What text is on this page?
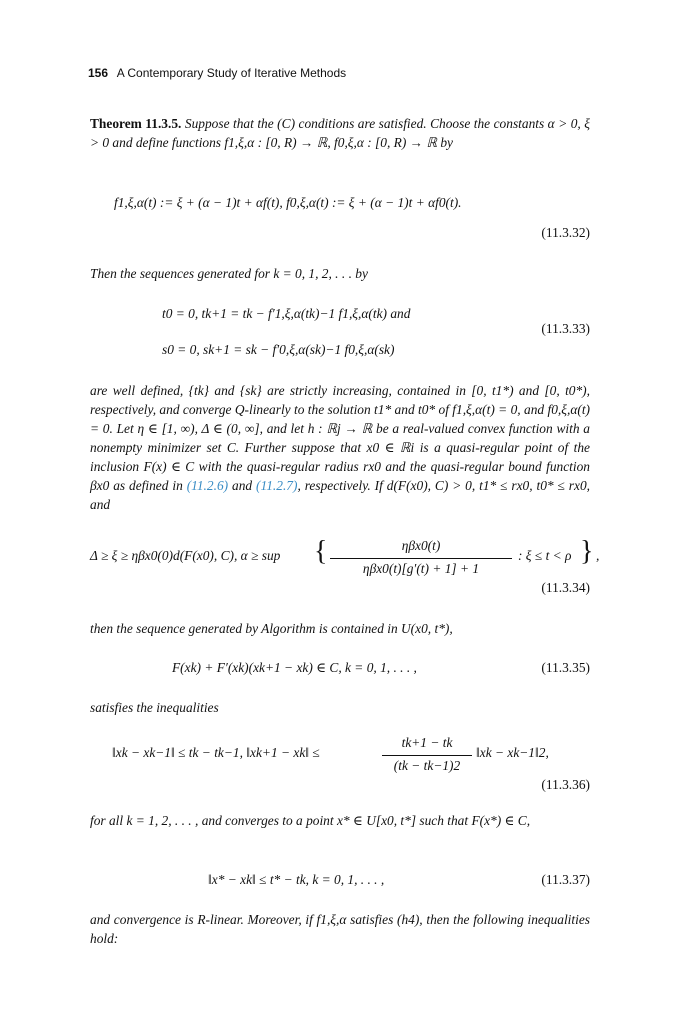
156 A Contemporary Study of Iterative Methods
Theorem 11.3.5. Suppose that the (C) conditions are satisfied. Choose the constants α > 0, ξ > 0 and define functions f1,ξ,α : [0, R) → ℝ, f0,ξ,α : [0, R) → ℝ by
f1,ξ,α(t) := ξ + (α − 1)t + αf(t), f0,ξ,α(t) := ξ + (α − 1)t + αf0(t).
(11.3.32)
Then the sequences generated for k = 0, 1, 2, . . . by
t0 = 0, tk+1 = tk − f′1,ξ,α(tk)−1 f1,ξ,α(tk) and
s0 = 0, sk+1 = sk − f′0,ξ,α(sk)−1 f0,ξ,α(sk)
(11.3.33)
are well defined, {tk} and {sk} are strictly increasing, contained in [0, t1*) and [0, t0*), respectively, and converge Q-linearly to the solution t1* and t0* of f1,ξ,α(t) = 0, and f0,ξ,α(t) = 0. Let η ∈ [1, ∞), Δ ∈ (0, ∞], and let h : ℝj → ℝ be a real-valued convex function with a nonempty minimizer set C. Further suppose that x0 ∈ ℝi is a quasi-regular point of the inclusion F(x) ∈ C with the quasi-regular radius rx0 and the quasi-regular bound function βx0 as defined in (11.2.6) and (11.2.7), respectively. If d(F(x0), C) > 0, t1* ≤ rx0, t0* ≤ rx0, and
Δ ≥ ξ ≥ ηβx0(0)d(F(x0), C), α ≥ sup {	ηβx0(t)
ηβx0(t)[g′(t) + 1] + 1
: ξ ≤ t < ρ } ,
(11.3.34)
then the sequence generated by Algorithm is contained in U(x0, t*),
F(xk) + F′(xk)(xk+1 − xk) ∈ C, k = 0, 1, . . . ,	(11.3.35)
satisfies the inequalities
‖xk − xk−1‖ ≤ tk − tk−1, ‖xk+1 − xk‖ ≤
tk+1 − tk
(tk − tk−1)2
‖xk − xk−1‖2,
(11.3.36)
for all k = 1, 2, . . . , and converges to a point x* ∈ U[x0, t*] such that F(x*) ∈ C,
‖x* − xk‖ ≤ t* − tk, k = 0, 1, . . . ,	(11.3.37)
and convergence is R-linear. Moreover, if f1,ξ,α satisfies (h4), then the following inequalities hold:
